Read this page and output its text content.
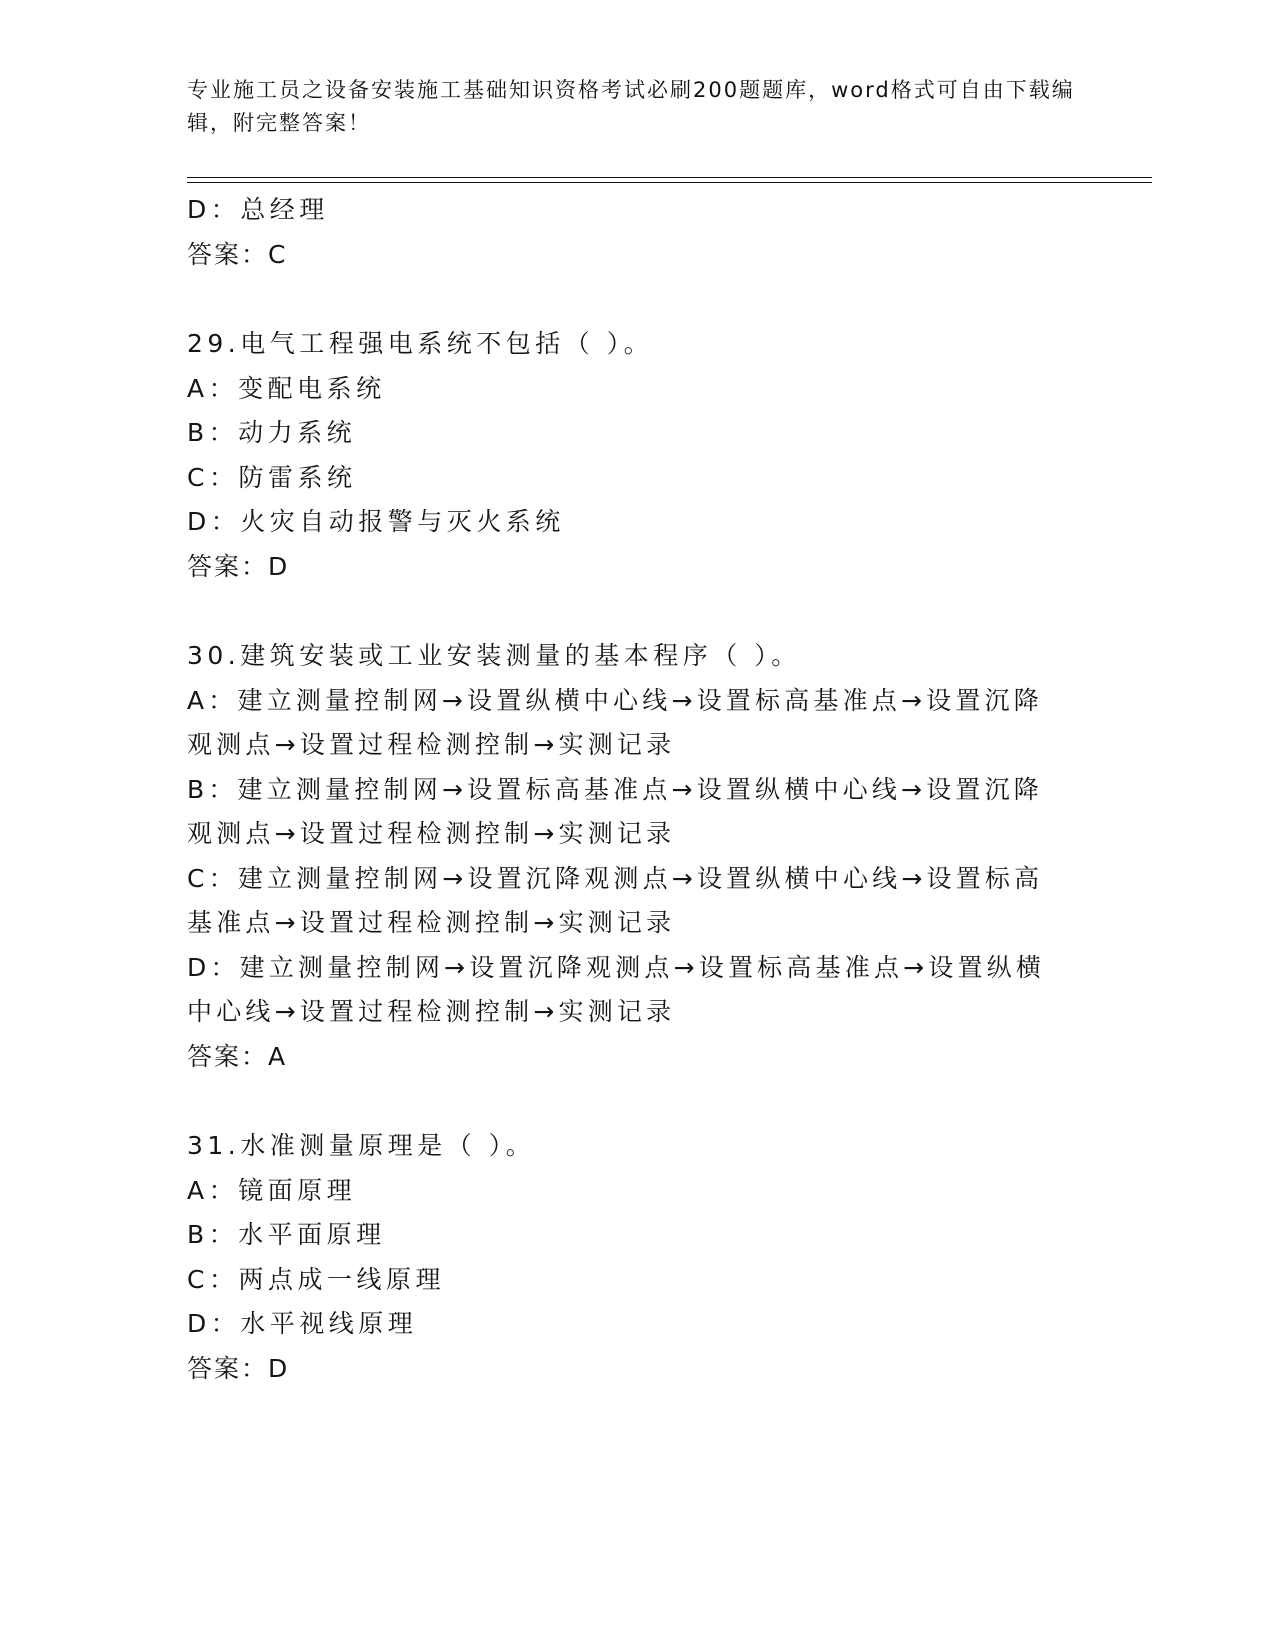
专业施工员之设备安装施工基础知识资格考试必刷200题题库，word格式可自由下载编辑，附完整答案！

D：总经理

答案：C

29.电气工程强电系统不包括（ ）。

A：变配电系统

B：动力系统

C：防雷系统

D：火灾自动报警与灭火系统

答案：D

30.建筑安装或工业安装测量的基本程序（ ）。

A：建立测量控制网→设置纵横中心线→设置标高基准点→设置沉降观测点→设置过程检测控制→实测记录

B：建立测量控制网→设置标高基准点→设置纵横中心线→设置沉降观测点→设置过程检测控制→实测记录

C：建立测量控制网→设置沉降观测点→设置纵横中心线→设置标高基准点→设置过程检测控制→实测记录

D：建立测量控制网→设置沉降观测点→设置标高基准点→设置纵横中心线→设置过程检测控制→实测记录

答案：A

31.水准测量原理是（ ）。

A：镜面原理

B：水平面原理

C：两点成一线原理

D：水平视线原理

答案：D
